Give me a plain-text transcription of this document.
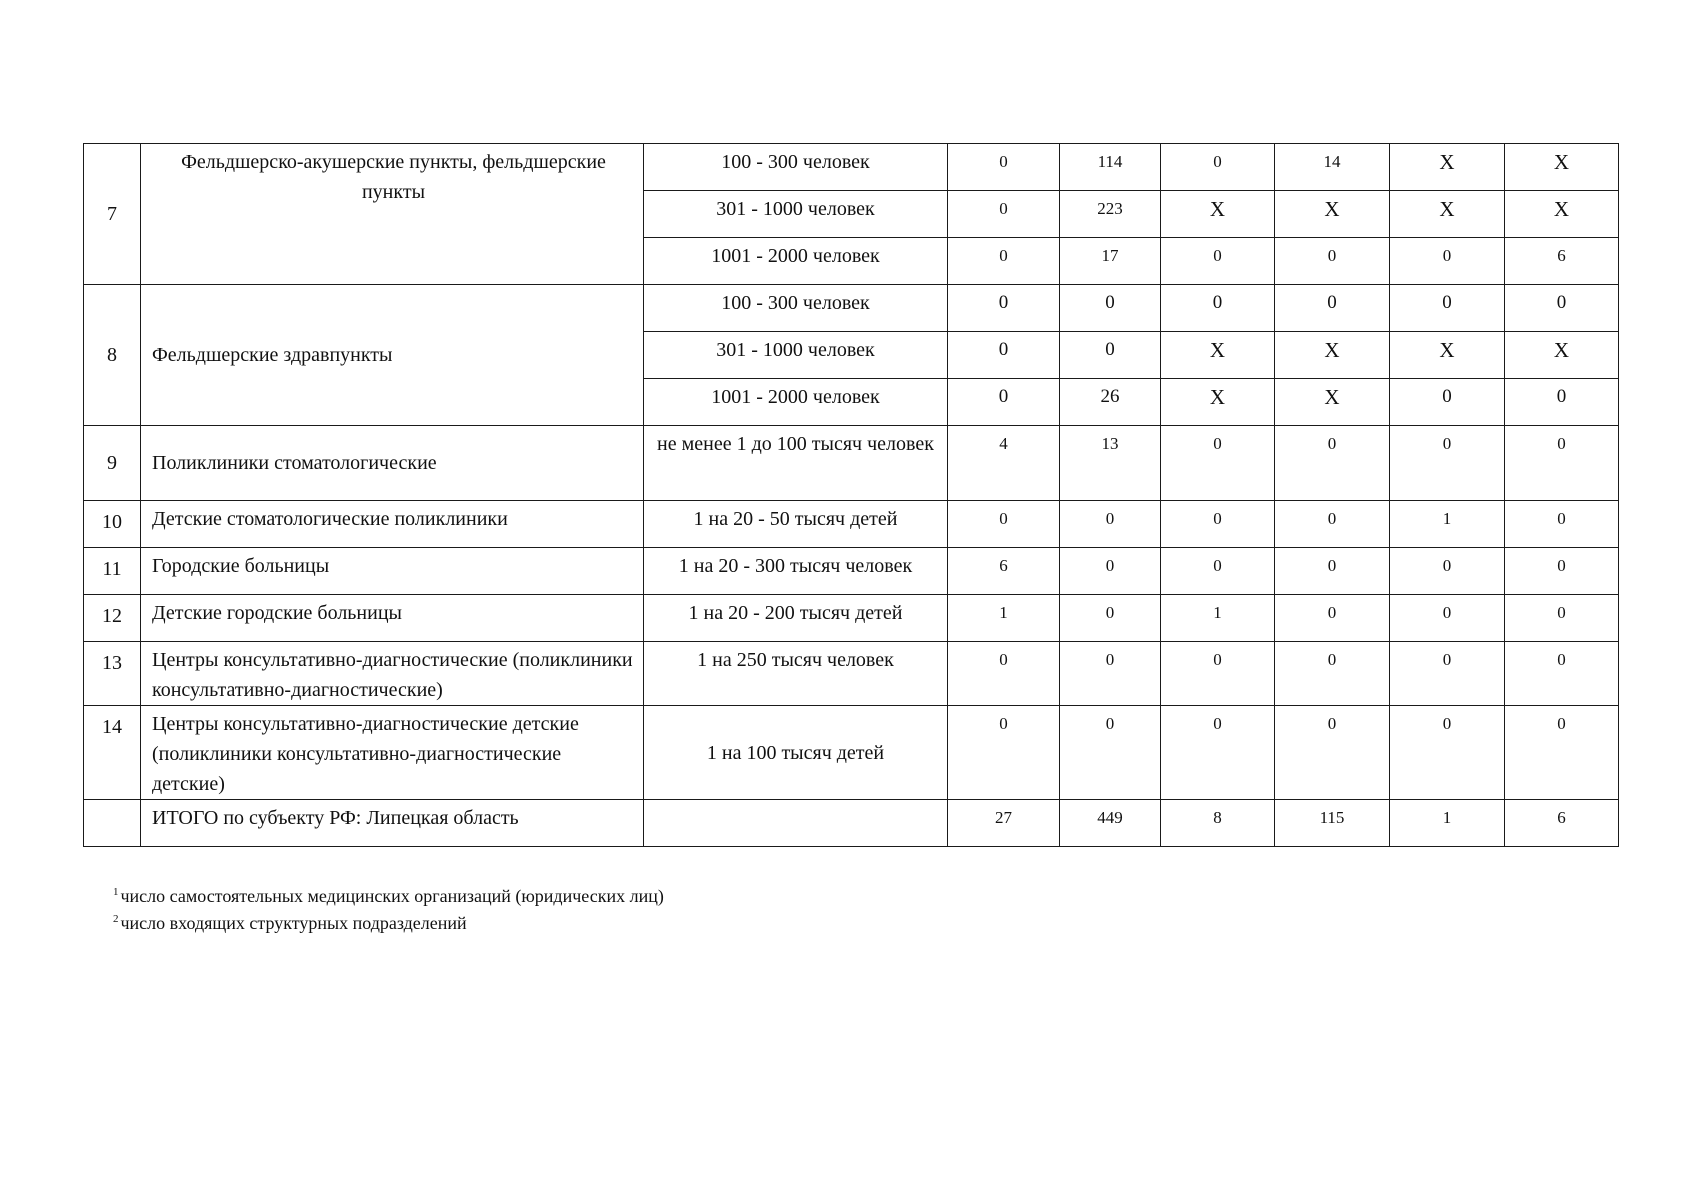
7	Фельдшерско-акушерские пункты, фельдшерские пункты	100 - 300 человек	0	114	0	14	X	X
		301 - 1000 человек	0	223	X	X	X	X
		1001 - 2000 человек	0	17	0	0	0	6
8	Фельдшерские здравпункты	100 - 300 человек	0	0	0	0	0	0
		301 - 1000 человек	0	0	X	X	X	X
		1001 - 2000 человек	0	26	X	X	0	0
9	Поликлиники стоматологические	не менее 1 до 100 тысяч человек	4	13	0	0	0	0
10	Детские стоматологические поликлиники	1 на 20 - 50 тысяч детей	0	0	0	0	1	0
11	Городские больницы	1 на 20 - 300 тысяч человек	6	0	0	0	0	0
12	Детские городские больницы	1 на 20 - 200 тысяч детей	1	0	1	0	0	0
13	Центры консультативно-диагностические (поликлиники консультативно-диагностические)	1 на 250 тысяч человек	0	0	0	0	0	0
14	Центры консультативно-диагностические детские (поликлиники консультативно-диагностические детские)	1 на 100 тысяч детей	0	0	0	0	0	0
	ИТОГО по субъекту РФ: Липецкая область		27	449	8	115	1	6
$^1$ число самостоятельных медицинских организаций (юридических лиц)
$^2$ число входящих структурных подразделений
